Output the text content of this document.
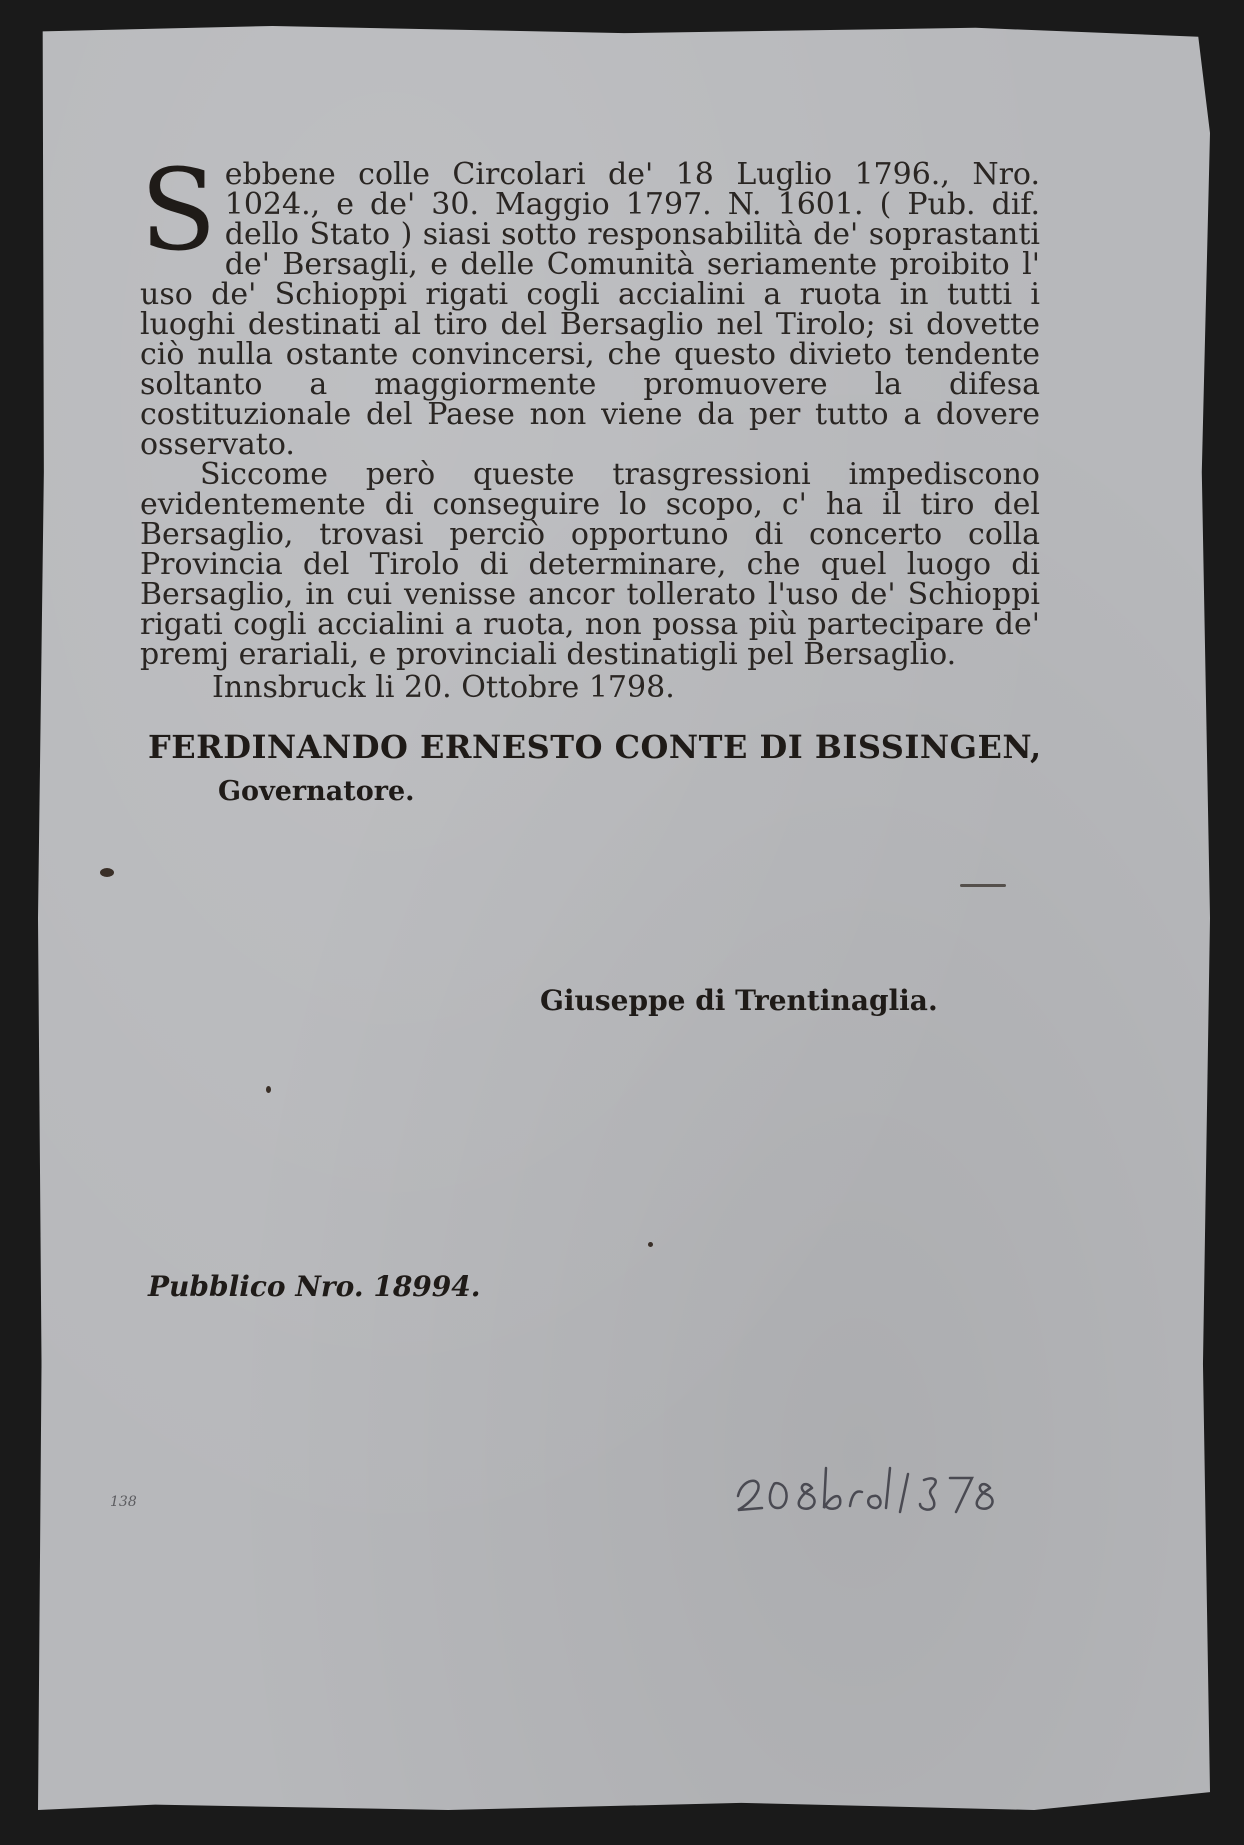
Sebbene colle Circolari de' 18 Luglio 1796., Nro. 1024., e de' 30. Maggio 1797. N. 1601. ( Pub. dif. dello Stato ) siasi sotto responsabilità de' soprastanti de' Bersagli, e delle Comunità seriamente proibito l' uso de' Schioppi rigati cogli accialini a ruota in tutti i luoghi destinati al tiro del Bersaglio nel Tirolo; si dovette ciò nulla ostante convincersi, che questo divieto tendente soltanto a maggiormente promuovere la difesa costituzionale del Paese non viene da per tutto a dovere osservato.

Siccome però queste trasgressioni impediscono evidentemente di conseguire lo scopo, c' ha il tiro del Bersaglio, trovasi perciò opportuno di concerto colla Provincia del Tirolo di determinare, che quel luogo di Bersaglio, in cui venisse ancor tollerato l'uso de' Schioppi rigati cogli accialini a ruota, non possa più partecipare de' premj erariali, e provinciali destinatigli pel Bersaglio.

Innsbruck li 20. Ottobre 1798.
FERDINANDO ERNESTO CONTE DI BISSINGEN,
Governatore.
Giuseppe di Trentinaglia.
Pubblico Nro. 18994.
138
